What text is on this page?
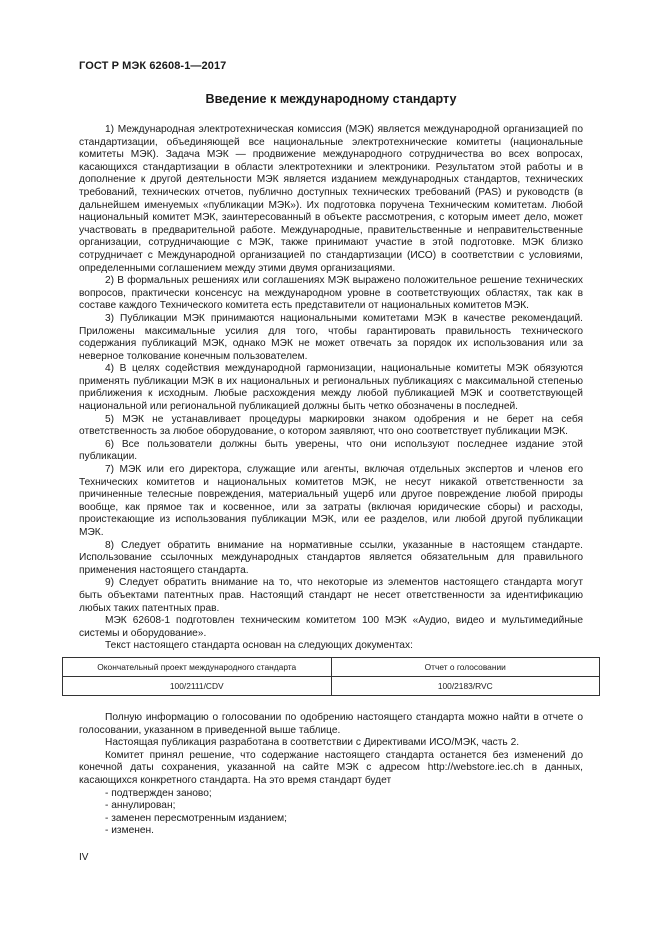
ГОСТ Р МЭК 62608-1—2017
Введение к международному стандарту

1) Международная электротехническая комиссия (МЭК) является международной организацией по стандартизации, объединяющей все национальные электротехнические комитеты (национальные комитеты МЭК). Задача МЭК — продвижение международного сотрудничества во всех вопросах, касающихся стандартизации в области электротехники и электроники. Результатом этой работы и в дополнение к другой деятельности МЭК является изданием международных стандартов, технических требований, технических отчетов, публично доступных технических требований (PAS) и руководств (в дальнейшем именуемых «публикации МЭК»). Их подготовка поручена Техническим комитетам. Любой национальный комитет МЭК, заинтересованный в объекте рассмотрения, с которым имеет дело, может участвовать в предварительной работе. Международные, правительственные и неправительственные организации, сотрудничающие с МЭК, также принимают участие в этой подготовке. МЭК близко сотрудничает с Международной организацией по стандартизации (ИСО) в соответствии с условиями, определенными соглашением между этими двумя организациями.

2) В формальных решениях или соглашениях МЭК выражено положительное решение технических вопросов, практически консенсус на международном уровне в соответствующих областях, так как в составе каждого Технического комитета есть представители от национальных комитетов МЭК.

3) Публикации МЭК принимаются национальными комитетами МЭК в качестве рекомендаций. Приложены максимальные усилия для того, чтобы гарантировать правильность технического содержания публикаций МЭК, однако МЭК не может отвечать за порядок их использования или за неверное толкование конечным пользователем.

4) В целях содействия международной гармонизации, национальные комитеты МЭК обязуются применять публикации МЭК в их национальных и региональных публикациях с максимальной степенью приближения к исходным. Любые расхождения между любой публикацией МЭК и соответствующей национальной или региональной публикацией должны быть четко обозначены в последней.

5) МЭК не устанавливает процедуры маркировки знаком одобрения и не берет на себя ответственность за любое оборудование, о котором заявляют, что оно соответствует публикации МЭК.

6) Все пользователи должны быть уверены, что они используют последнее издание этой публикации.

7) МЭК или его директора, служащие или агенты, включая отдельных экспертов и членов его Технических комитетов и национальных комитетов МЭК, не несут никакой ответственности за причиненные телесные повреждения, материальный ущерб или другое повреждение любой природы вообще, как прямое так и косвенное, или за затраты (включая юридические сборы) и расходы, проистекающие из использования публикации МЭК, или ее разделов, или любой другой публикации МЭК.

8) Следует обратить внимание на нормативные ссылки, указанные в настоящем стандарте. Использование ссылочных международных стандартов является обязательным для правильного применения настоящего стандарта.

9) Следует обратить внимание на то, что некоторые из элементов настоящего стандарта могут быть объектами патентных прав. Настоящий стандарт не несет ответственности за идентификацию любых таких патентных прав.

МЭК 62608-1 подготовлен техническим комитетом 100 МЭК «Аудио, видео и мультимедийные системы и оборудование».

Текст настоящего стандарта основан на следующих документах:

Окончательный проект международного стандарта	Отчет о голосовании
100/2111/CDV	100/2183/RVC

Полную информацию о голосовании по одобрению настоящего стандарта можно найти в отчете о голосовании, указанном в приведенной выше таблице.

Настоящая публикация разработана в соответствии с Директивами ИСО/МЭК, часть 2.

Комитет принял решение, что содержание настоящего стандарта останется без изменений до конечной даты сохранения, указанной на сайте МЭК с адресом http://webstore.iec.ch в данных, касающихся конкретного стандарта. На это время стандарт будет

- подтвержден заново;

- аннулирован;

- заменен пересмотренным изданием;

- изменен.

IV
